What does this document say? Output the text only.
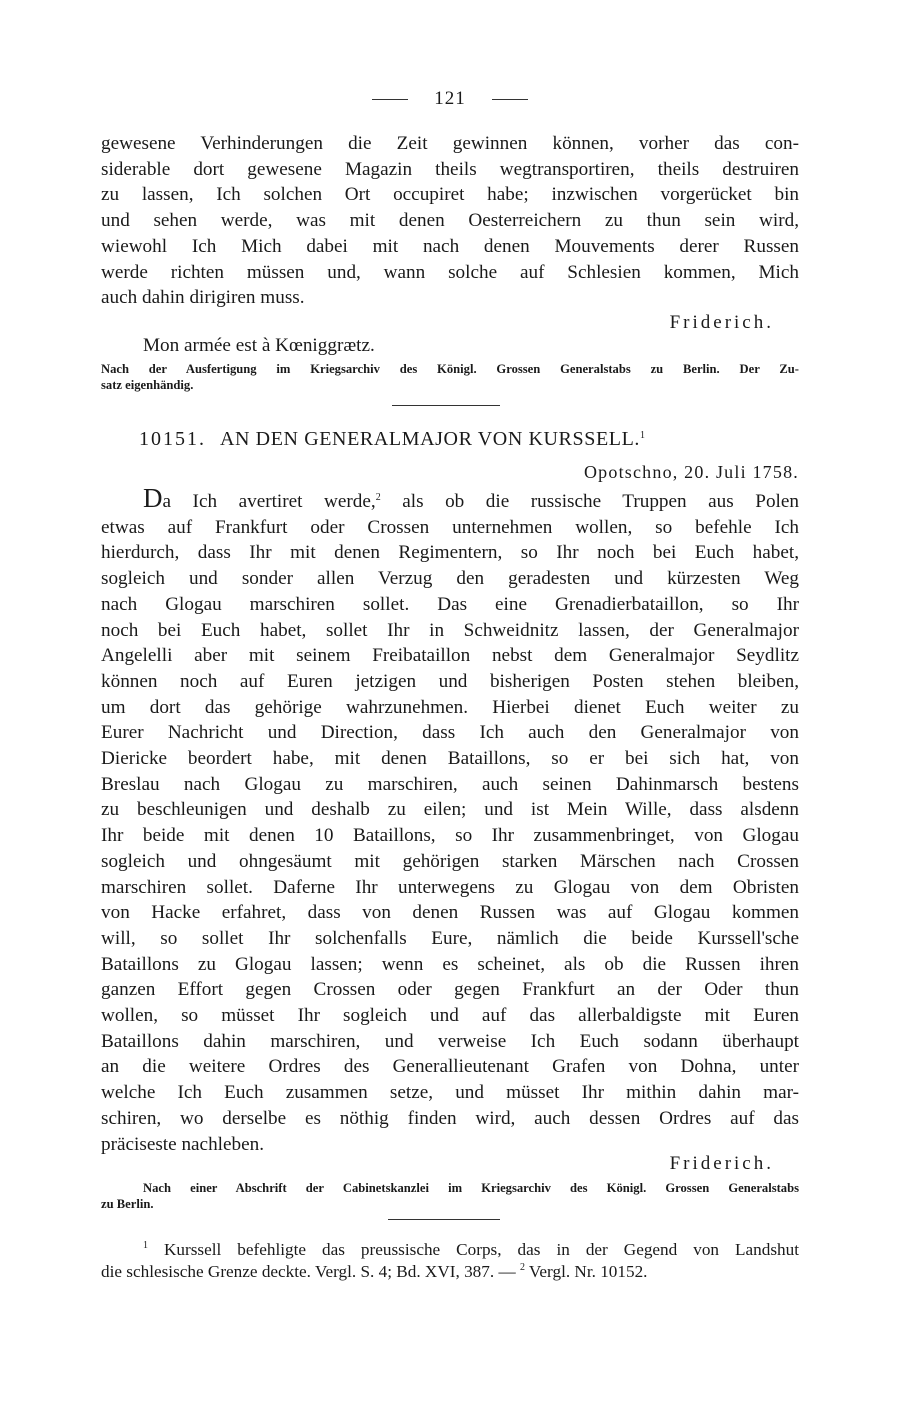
121
gewesene Verhinderungen die Zeit gewinnen können, vorher das con-
siderable dort gewesene Magazin theils wegtransportiren, theils destruiren
zu lassen, Ich solchen Ort occupiret habe; inzwischen vorgerücket bin
und sehen werde, was mit denen Oesterreichern zu thun sein wird,
wiewohl Ich Mich dabei mit nach denen Mouvements derer Russen
werde richten müssen und, wann solche auf Schlesien kommen, Mich
auch dahin dirigiren muss.
Friderich.
Mon armée est à Kœniggrætz.
Nach der Ausfertigung im Kriegsarchiv des Königl. Grossen Generalstabs zu Berlin. Der Zu-
satz eigenhändig.
10151. AN DEN GENERALMAJOR VON KURSSELL.$^1$
Opotschno, 20. Juli 1758.
Da Ich avertiret werde,$^2$ als ob die russische Truppen aus Polen
etwas auf Frankfurt oder Crossen unternehmen wollen, so befehle Ich
hierdurch, dass Ihr mit denen Regimentern, so Ihr noch bei Euch habet,
sogleich und sonder allen Verzug den geradesten und kürzesten Weg
nach Glogau marschiren sollet. Das eine Grenadierbataillon, so Ihr
noch bei Euch habet, sollet Ihr in Schweidnitz lassen, der Generalmajor
Angelelli aber mit seinem Freibataillon nebst dem Generalmajor Seydlitz
können noch auf Euren jetzigen und bisherigen Posten stehen bleiben,
um dort das gehörige wahrzunehmen. Hierbei dienet Euch weiter zu
Eurer Nachricht und Direction, dass Ich auch den Generalmajor von
Diericke beordert habe, mit denen Bataillons, so er bei sich hat, von
Breslau nach Glogau zu marschiren, auch seinen Dahinmarsch bestens
zu beschleunigen und deshalb zu eilen; und ist Mein Wille, dass alsdenn
Ihr beide mit denen 10 Bataillons, so Ihr zusammenbringet, von Glogau
sogleich und ohngesäumt mit gehörigen starken Märschen nach Crossen
marschiren sollet. Daferne Ihr unterwegens zu Glogau von dem Obristen
von Hacke erfahret, dass von denen Russen was auf Glogau kommen
will, so sollet Ihr solchenfalls Eure, nämlich die beide Kurssell'sche
Bataillons zu Glogau lassen; wenn es scheinet, als ob die Russen ihren
ganzen Effort gegen Crossen oder gegen Frankfurt an der Oder thun
wollen, so müsset Ihr sogleich und auf das allerbaldigste mit Euren
Bataillons dahin marschiren, und verweise Ich Euch sodann überhaupt
an die weitere Ordres des Generallieutenant Grafen von Dohna, unter
welche Ich Euch zusammen setze, und müsset Ihr mithin dahin mar-
schiren, wo derselbe es nöthig finden wird, auch dessen Ordres auf das
präciseste nachleben.
Friderich.
Nach einer Abschrift der Cabinetskanzlei im Kriegsarchiv des Königl. Grossen Generalstabs
zu Berlin.
$^1$ Kurssell befehligte das preussische Corps, das in der Gegend von Landshut
die schlesische Grenze deckte. Vergl. S. 4; Bd. XVI, 387. — $^2$ Vergl. Nr. 10152.
